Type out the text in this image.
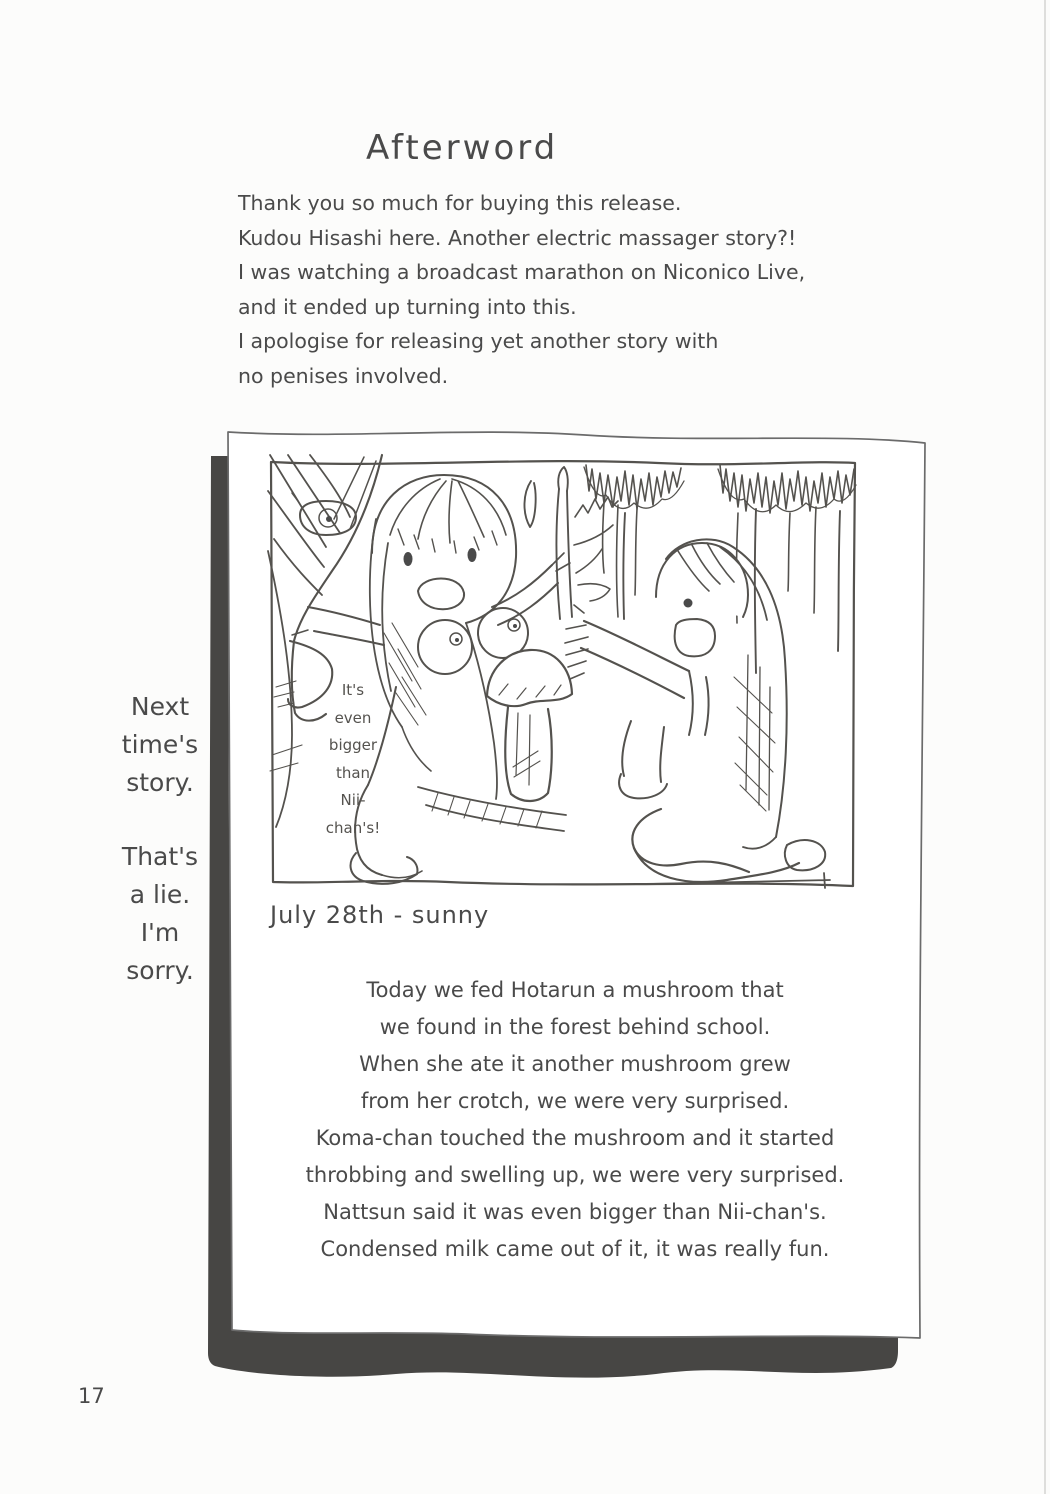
Afterword
Thank you so much for buying this release.
Kudou Hisashi here. Another electric massager story?!
I was watching a broadcast marathon on Niconico Live,
and it ended up turning into this.
I apologise for releasing yet another story with
no penises involved.
Next
time's
story.
That's
a lie.
I'm
sorry.
It's
even
bigger
than
Nii-
chan's!
July 28th - sunny
Today we fed Hotarun a mushroom that
we found in the forest behind school.
When she ate it another mushroom grew
from her crotch, we were very surprised.
Koma-chan touched the mushroom and it started
throbbing and swelling up, we were very surprised.
Nattsun said it was even bigger than Nii-chan's.
Condensed milk came out of it, it was really fun.
17
